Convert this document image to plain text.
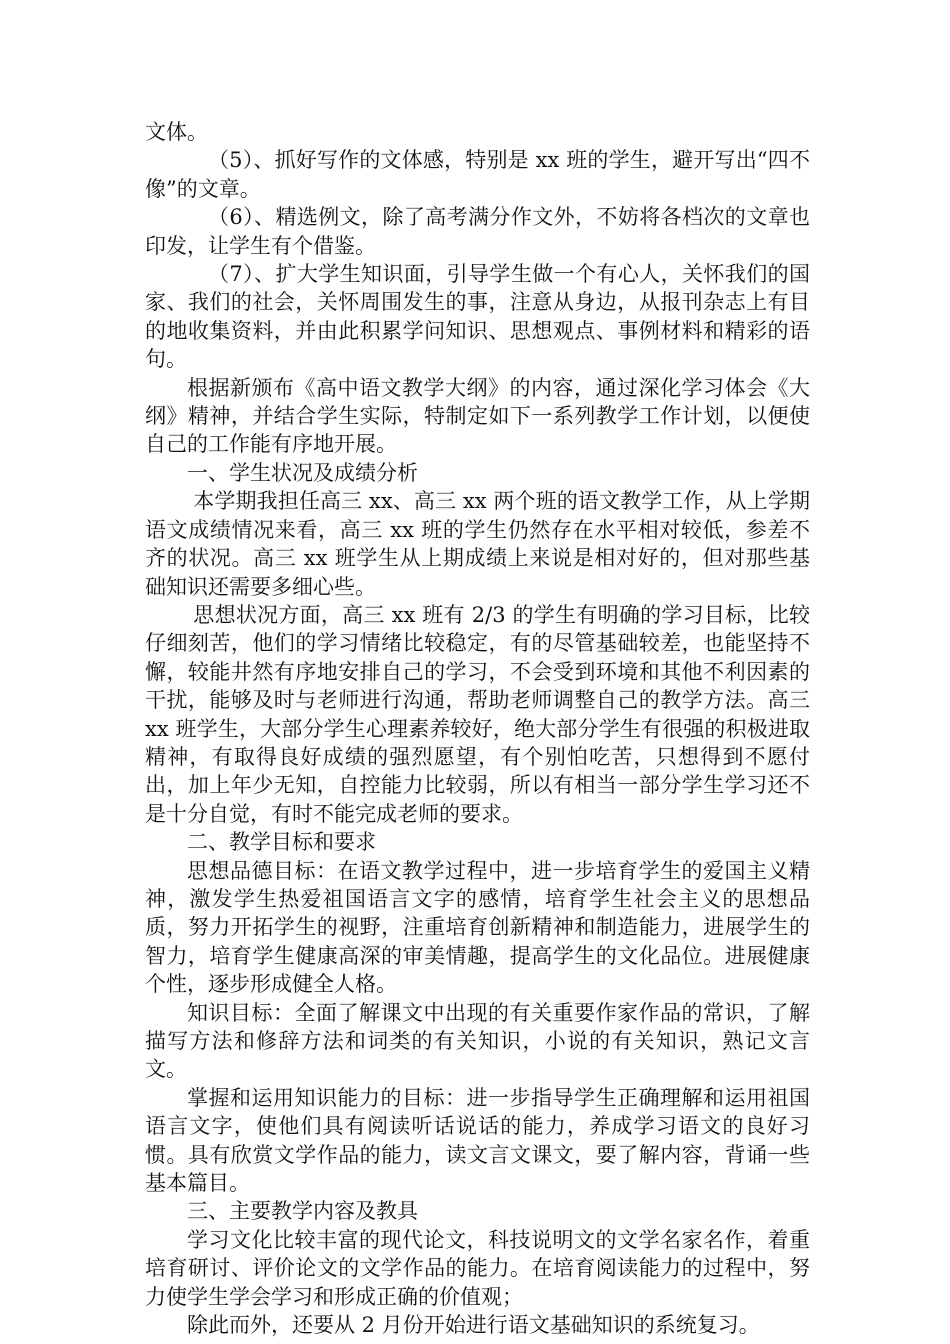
文体。

（5）、抓好写作的文体感，特别是 xx 班的学生，避开写出“四不像”的文章。

（6）、精选例文，除了高考满分作文外，不妨将各档次的文章也印发，让学生有个借鉴。

（7）、扩大学生知识面，引导学生做一个有心人，关怀我们的国家、我们的社会，关怀周围发生的事，注意从身边，从报刊杂志上有目的地收集资料，并由此积累学问知识、思想观点、事例材料和精彩的语句。

根据新颁布《高中语文教学大纲》的内容，通过深化学习体会《大纲》精神，并结合学生实际，特制定如下一系列教学工作计划，以便使自己的工作能有序地开展。

一、学生状况及成绩分析

本学期我担任高三 xx、高三 xx 两个班的语文教学工作，从上学期语文成绩情况来看，高三 xx 班的学生仍然存在水平相对较低，参差不齐的状况。高三 xx 班学生从上期成绩上来说是相对好的，但对那些基础知识还需要多细心些。

思想状况方面，高三 xx 班有 2/3 的学生有明确的学习目标，比较仔细刻苦，他们的学习情绪比较稳定，有的尽管基础较差，也能坚持不懈，较能井然有序地安排自己的学习，不会受到环境和其他不利因素的干扰，能够及时与老师进行沟通，帮助老师调整自己的教学方法。高三 xx 班学生，大部分学生心理素养较好，绝大部分学生有很强的积极进取精神，有取得良好成绩的强烈愿望，有个别怕吃苦，只想得到不愿付出，加上年少无知，自控能力比较弱，所以有相当一部分学生学习还不是十分自觉，有时不能完成老师的要求。

二、教学目标和要求

思想品德目标：在语文教学过程中，进一步培育学生的爱国主义精神，激发学生热爱祖国语言文字的感情，培育学生社会主义的思想品质，努力开拓学生的视野，注重培育创新精神和制造能力，进展学生的智力，培育学生健康高深的审美情趣，提高学生的文化品位。进展健康个性，逐步形成健全人格。

知识目标：全面了解课文中出现的有关重要作家作品的常识，了解描写方法和修辞方法和词类的有关知识，小说的有关知识，熟记文言文。

掌握和运用知识能力的目标：进一步指导学生正确理解和运用祖国语言文字，使他们具有阅读听话说话的能力，养成学习语文的良好习惯。具有欣赏文学作品的能力，读文言文课文，要了解内容，背诵一些基本篇目。

三、主要教学内容及教具

学习文化比较丰富的现代论文，科技说明文的文学名家名作，着重培育研讨、评价论文的文学作品的能力。在培育阅读能力的过程中，努力使学生学会学习和形成正确的价值观；

除此而外，还要从 2 月份开始进行语文基础知识的系统复习。
